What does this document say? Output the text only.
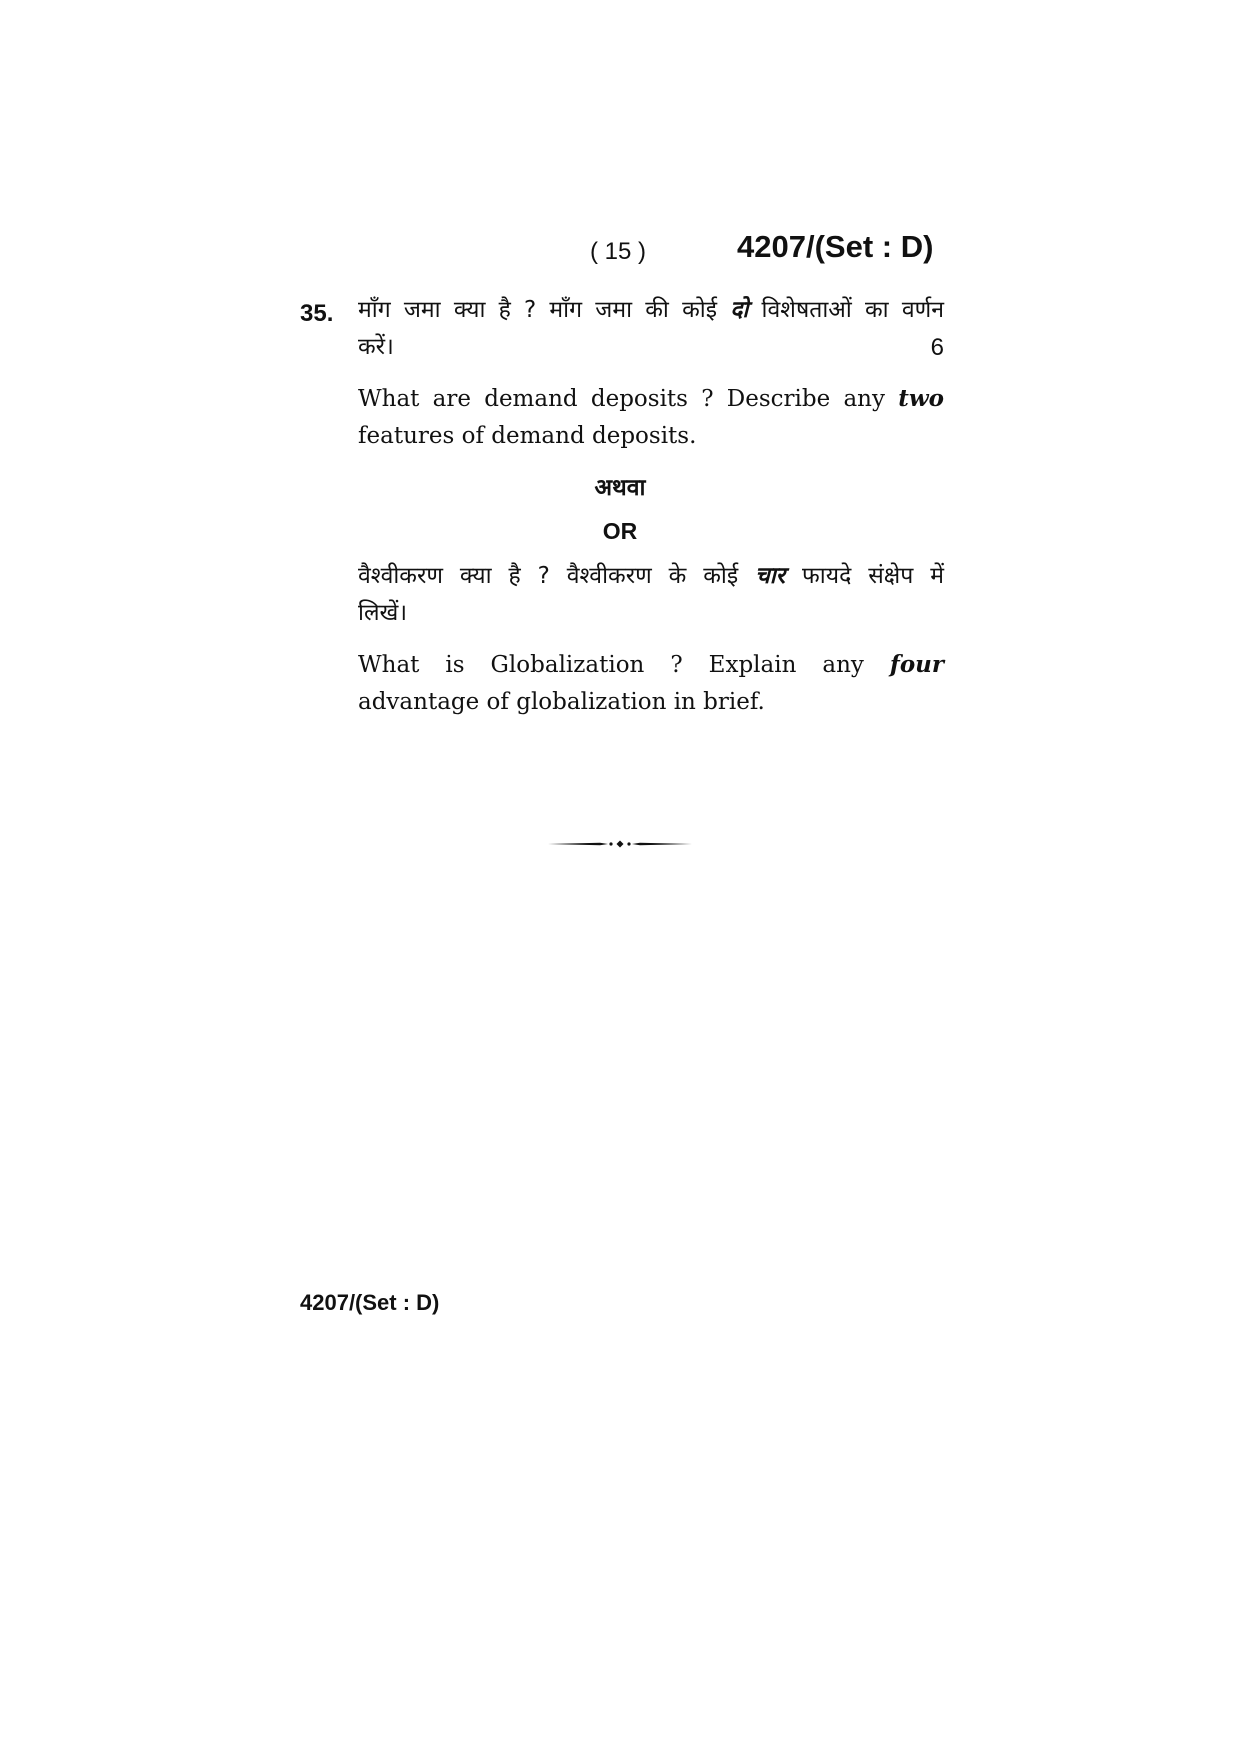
( 15 )	4207/(Set : D)
35. माँग जमा क्या है ? माँग जमा की कोई दो विशेषताओं का वर्णन
करें।	6
What are demand deposits ? Describe any two
features of demand deposits.
अथवा
OR
वैश्वीकरण क्या है ? वैश्वीकरण के कोई चार फायदे संक्षेप में
लिखें।
What is Globalization ? Explain any four
advantage of globalization in brief.
4207/(Set : D)
